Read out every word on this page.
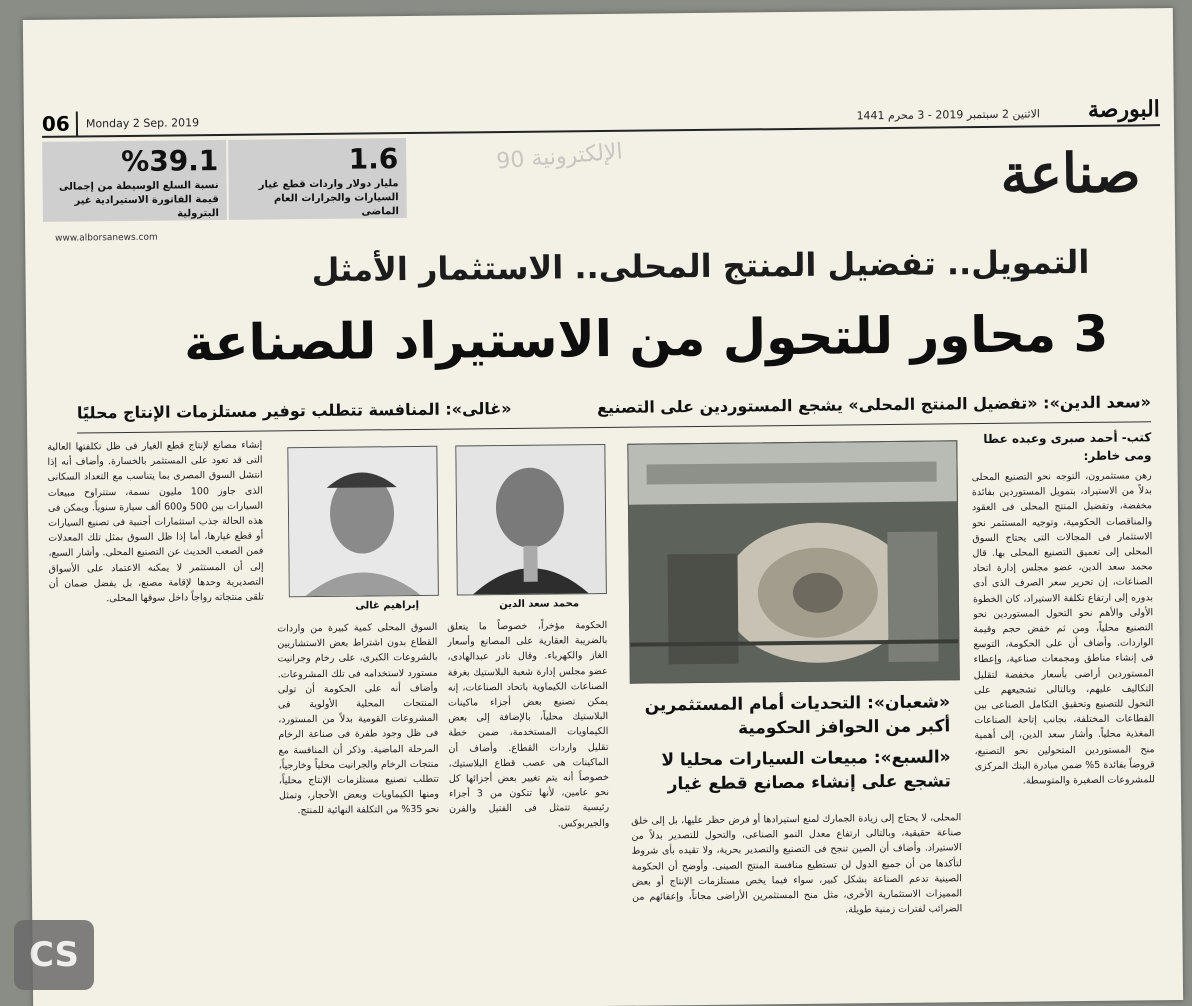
06	Monday 2 Sep. 2019
الاثنين 2 سبتمبر 2019 - 3 محرم 1441 البورصة
%39.1
نسبة السلع الوسيطة من إجمالى قيمة الفاتورة الاستيرادية غير البترولية
1.6
مليار دولار واردات قطع غيار السيارات والجرارات العام الماضى
الإلكترونية 90	صناعة
www.alborsanews.com
التمويل.. تفضيل المنتج المحلى.. الاستثمار الأمثل
3 محاور للتحول من الاستيراد للصناعة
«سعد الدين»: «تفضيل المنتج المحلى» يشجع المستوردين على التصنيع
«غالى»: المنافسة تتطلب توفير مستلزمات الإنتاج محليًا
كتب- أحمد صبرى وعبده عطا
ومى خاطر:

رهن مستثمرون، التوجه نحو التصنيع المحلى بدلاً من الاستيراد، بتمويل المستوردين بفائدة مخفضة، وتفضيل المنتج المحلى فى العقود والمناقصات الحكومية، وتوجيه المستثمر نحو الاستثمار فى المجالات التى يحتاج السوق المحلى إلى تعميق التصنيع المحلى بها. قال محمد سعد الدين، عضو مجلس إدارة اتحاد الصناعات، إن تحرير سعر الصرف الذى أدى بدوره إلى ارتفاع تكلفة الاستيراد، كان الخطوة الأولى والأهم نحو التحول المستوردين نحو التصنيع محلياً، ومن ثم خفض حجم وقيمة الواردات. وأضاف أن على الحكومة، التوسع فى إنشاء مناطق ومجمعات صناعية، وإعطاء المستوردين أراضى بأسعار مخفضة لتقليل التكاليف عليهم، وبالتالى تشجيعهم على التحول للتصنيع وتحقيق التكامل الصناعى بين القطاعات المختلفة، بجانب إتاحة الصناعات المغذية محلياً. وأشار سعد الدين، إلى أهمية منح المستوردين المتحولين نحو التصنيع، قروضاً بفائدة 5% ضمن مبادرة البنك المركزى للمشروعات الصغيرة والمتوسطة.

«شعبان»: التحديات أمام المستثمرين أكبر من الحوافز الحكومية
«السبع»: مبيعات السيارات محليا لا تشجع على إنشاء مصانع قطع غيار

المحلى، لا يحتاج إلى زيادة الجمارك لمنع استيرادها أو فرض حظر عليها، بل إلى خلق صناعة حقيقية، وبالتالى ارتفاع معدل النمو الصناعى، والتحول للتصدير بدلاً من الاستيراد. وأضاف أن الصين تنجح فى التصنيع والتصدير بحرية، ولا تقيده بأى شروط لتأكدها من أن جميع الدول لن تستطيع منافسة المنتج الصينى. وأوضح أن الحكومة الصينية تدعم الصناعة بشكل كبير، سواء فيما يخص مستلزمات الإنتاج أو بعض المميزات الاستثمارية الأخرى، مثل منح المستثمرين الأراضى مجاناً، وإعفائهم من الضرائب لفترات زمنية طويلة.

محمد سعد الدين
إبراهيم غالى

الحكومة مؤخراً، خصوصاً ما يتعلق بالضريبة العقارية على المصانع وأسعار الغاز والكهرباء. وقال نادر عبدالهادى، عضو مجلس إدارة شعبة البلاستيك بغرفة الصناعات الكيماوية باتحاد الصناعات، إنه يمكن تصنيع بعض أجزاء ماكينات البلاستيك محلياً، بالإضافة إلى بعض الكيماويات المستخدمة، ضمن خطة تقليل واردات القطاع. وأضاف أن الماكينات هى عصب قطاع البلاستيك، خصوصاً أنه يتم تغيير بعض أجزائها كل نحو عامين، لأنها تتكون من 3 أجزاء رئيسية تتمثل فى الفتيل والفرن والجيربوكس.

السوق المحلى كمية كبيرة من واردات القطاع بدون اشتراط بعض الاستشاريين بالشروعات الكبرى، على رخام وجرانيت مستورد لاستخدامه فى تلك المشروعات. وأضاف أنه على الحكومة أن تولى المنتجات المحلية الأولوية فى المشروعات القومية بدلاً من المستورد، فى ظل وجود طفرة فى صناعة الرخام المرحلة الماضية. وذكر أن المنافسة مع منتجات الرخام والجرانيت محلياً وخارجياً، تتطلب تصنيع مستلزمات الإنتاج محلياً، ومنها الكيماويات وبعض الأحجار، وتمثل نحو 35% من التكلفة النهائية للمنتج.

إنشاء مصانع لإنتاج قطع الغيار فى ظل تكلفتها العالية التى قد تعود على المستثمر بالخسارة. وأضاف أنه إذا انتشل السوق المصرى بما يتناسب مع التعداد السكانى الذى جاوز 100 مليون نسمة، ستتراوح مبيعات السيارات بين 500 و600 ألف سيارة سنوياً. ويمكن فى هذه الحالة جذب استثمارات أجنبية فى تصنيع السيارات أو قطع غيارها، أما إذا ظل السوق بمثل تلك المعدلات فمن الصعب الحديث عن التصنيع المحلى. وأشار السبع، إلى أن المستثمر لا يمكنه الاعتماد على الأسواق التصديرية وحدها لإقامة مصنع، بل يفضل ضمان أن تلقى منتجاته رواجاً داخل سوقها المحلى.

CS
